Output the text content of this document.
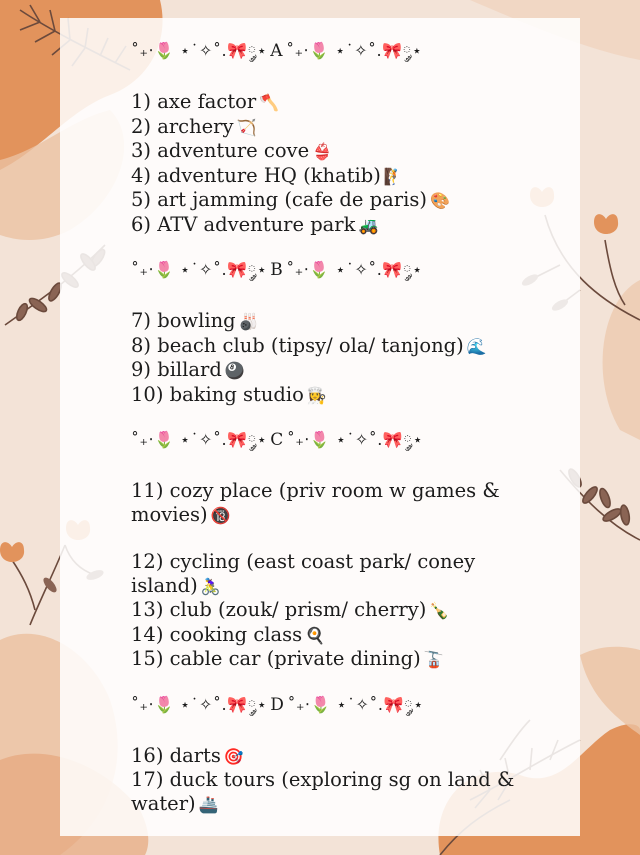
˚₊‧🌷 ⋆˙✧˚.🎀༘⋆ A ˚₊‧🌷 ⋆˙✧˚.🎀༘⋆
1) axe factor 🪓
2) archery 🏹
3) adventure cove 👙
4) adventure HQ (khatib) 🧗
5) art jamming (cafe de paris) 🎨
6) ATV adventure park 🚜
˚₊‧🌷 ⋆˙✧˚.🎀༘⋆ B ˚₊‧🌷 ⋆˙✧˚.🎀༘⋆
7) bowling 🎳
8) beach club (tipsy/ ola/ tanjong) 🌊
9) billard 🎱
10) baking studio 👩‍🍳
˚₊‧🌷 ⋆˙✧˚.🎀༘⋆ C ˚₊‧🌷 ⋆˙✧˚.🎀༘⋆
11) cozy place (priv room w games & movies) 🔞
12) cycling (east coast park/ coney island) 🚴‍♀️
13) club (zouk/ prism/ cherry) 🍾
14) cooking class 🍳
15) cable car (private dining) 🚡
˚₊‧🌷 ⋆˙✧˚.🎀༘⋆ D ˚₊‧🌷 ⋆˙✧˚.🎀༘⋆
16) darts 🎯
17) duck tours (exploring sg on land & water) 🚢
